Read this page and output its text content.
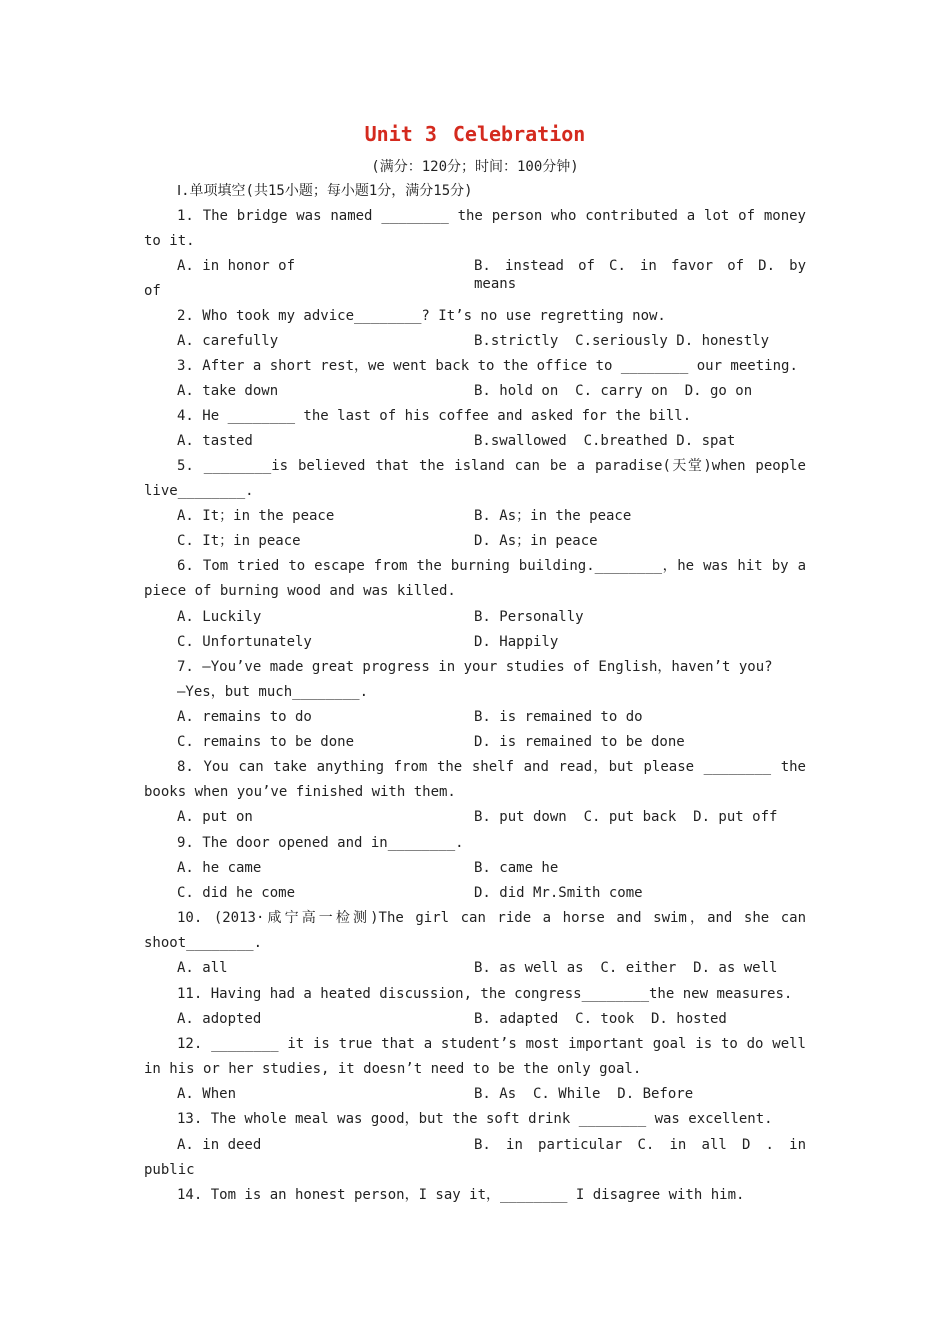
Unit 3 Celebration
(满分：120分；时间：100分钟)
Ⅰ.单项填空(共15小题；每小题1分，满分15分)
1. The bridge was named ________ the person who contributed a lot of money
to it.
A. in honor of	B. instead of C. in favor of D. by means
of
2. Who took my advice________? It’s no use regretting now.
A. carefully	B.strictly  C.seriously D. honestly
3. After a short rest，we went back to the office to ________ our meeting.
A. take down	B. hold on  C. carry on  D. go on
4. He ________ the last of his coffee and asked for the bill.
A. tasted	B.swallowed  C.breathed D. spat
5. ________is believed that the island can be a paradise(天堂)when people
live________.
A. It；in the peace	B. As；in the peace
C. It；in peace	D. As；in peace
6. Tom tried to escape from the burning building.________，he was hit by a
piece of burning wood and was killed.
A. Luckily	B. Personally
C. Unfortunately	D. Happily
7. —You’ve made great progress in your studies of English，haven’t you?
—Yes，but much________.
A. remains to do	B. is remained to do
C. remains to be done	D. is remained to be done
8. You can take anything from the shelf and read，but please ________ the
books when you’ve finished with them.
A. put on	B. put down  C. put back  D. put off
9. The door opened and in________.
A. he came	B. came he
C. did he come	D. did Mr.Smith come
10. (2013·咸宁高一检测)The girl can ride a horse and swim，and she can
shoot________.
A. all	B. as well as  C. either  D. as well
11. Having had a heated discussion, the congress________the new measures.
A. adopted	B. adapted  C. took  D. hosted
12. ________ it is true that a student’s most important goal is to do well
in his or her studies, it doesn’t need to be the only goal.
A. When	B. As  C. While  D. Before
13. The whole meal was good，but the soft drink ________ was excellent.
A. in deed	B. in particular C. in all D . in
public
14. Tom is an honest person，I say it，________ I disagree with him.
